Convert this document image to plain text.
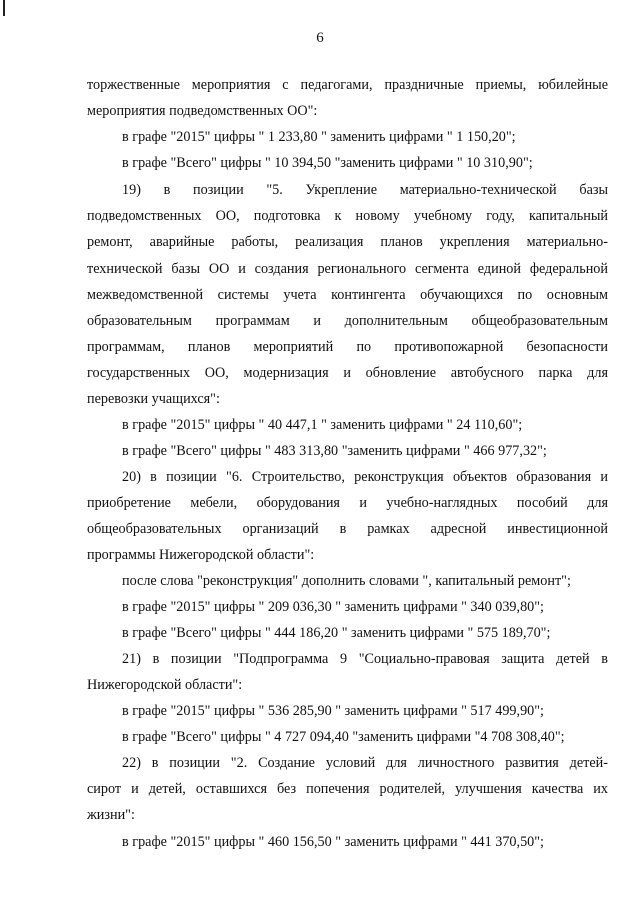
6
торжественные мероприятия с педагогами, праздничные приемы, юбилейные
мероприятия подведомственных ОО":
в графе "2015" цифры " 1 233,80 " заменить цифрами " 1 150,20";
в графе "Всего" цифры " 10 394,50 "заменить цифрами " 10 310,90";
19) в позиции "5. Укрепление материально-технической базы
подведомственных ОО, подготовка к новому учебному году, капитальный
ремонт, аварийные работы, реализация планов укрепления материально-
технической базы ОО и создания регионального сегмента единой федеральной
межведомственной системы учета контингента обучающихся по основным
образовательным программам и дополнительным общеобразовательным
программам, планов мероприятий по противопожарной безопасности
государственных ОО, модернизация и обновление автобусного парка для
перевозки учащихся":
в графе "2015" цифры " 40 447,1 " заменить цифрами " 24 110,60";
в графе "Всего" цифры " 483 313,80 "заменить цифрами " 466 977,32";
20) в позиции "6. Строительство, реконструкция объектов образования и
приобретение мебели, оборудования и учебно-наглядных пособий для
общеобразовательных организаций в рамках адресной инвестиционной
программы Нижегородской области":
после слова "реконструкция" дополнить словами ", капитальный ремонт";
в графе "2015" цифры " 209 036,30 " заменить цифрами " 340 039,80";
в графе "Всего" цифры " 444 186,20 " заменить цифрами " 575 189,70";
21) в позиции "Подпрограмма 9 "Социально-правовая защита детей в
Нижегородской области":
в графе "2015" цифры " 536 285,90 " заменить цифрами " 517 499,90";
в графе "Всего" цифры " 4 727 094,40 "заменить цифрами "4 708 308,40";
22) в позиции "2. Создание условий для личностного развития детей-
сирот и детей, оставшихся без попечения родителей, улучшения качества их
жизни":
в графе "2015" цифры " 460 156,50 " заменить цифрами " 441 370,50";
